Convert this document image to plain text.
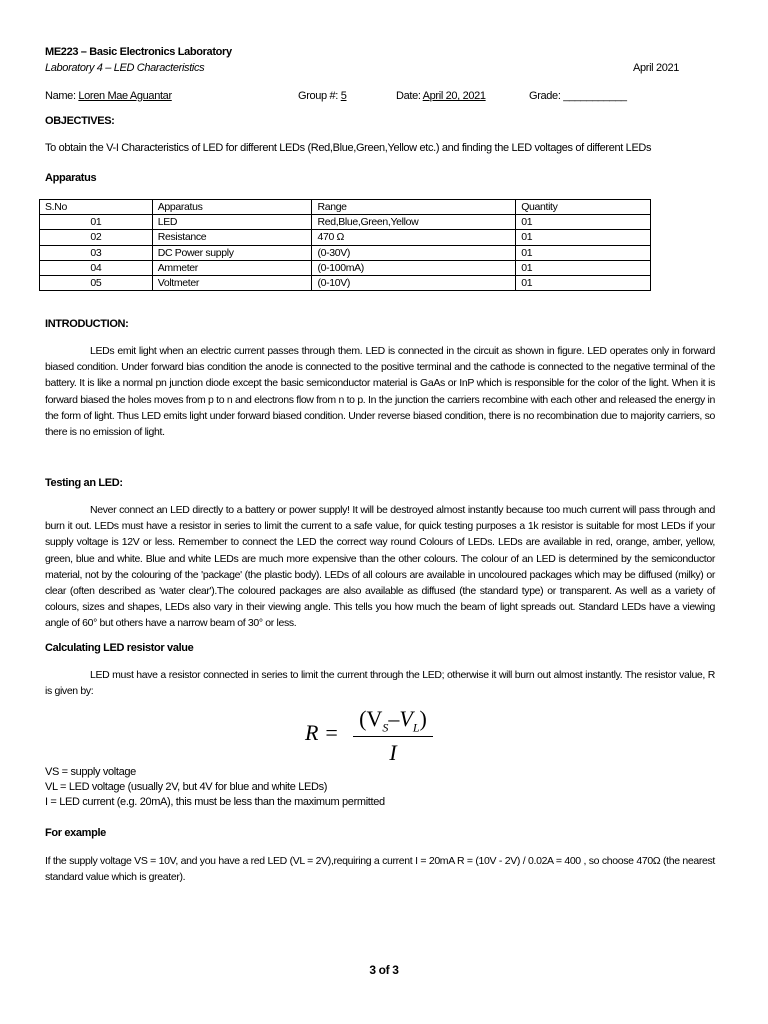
ME223 – Basic Electronics Laboratory
Laboratory 4 – LED Characteristics	April 2021
Name: Loren Mae Aguantar	Group #: 5	Date: April 20, 2021	Grade: ___________
OBJECTIVES:
To obtain the V-I Characteristics of LED for different LEDs (Red,Blue,Green,Yellow etc.) and finding the LED voltages of different LEDs
Apparatus
S.No	Apparatus	Range	Quantity
01	LED	Red,Blue,Green,Yellow	01
02	Resistance	470 Ω	01
03	DC Power supply	(0-30V)	01
04	Ammeter	(0-100mA)	01
05	Voltmeter	(0-10V)	01
INTRODUCTION:
LEDs emit light when an electric current passes through them. LED is connected in the circuit as shown in figure. LED operates only in forward biased condition. Under forward bias condition the anode is connected to the positive terminal and the cathode is connected to the negative terminal of the battery. It is like a normal pn junction diode except the basic semiconductor material is GaAs or InP which is responsible for the color of the light. When it is forward biased the holes moves from p to n and electrons flow from n to p. In the junction the carriers recombine with each other and released the energy in the form of light. Thus LED emits light under forward biased condition. Under reverse biased condition, there is no recombination due to majority carriers, so there is no emission of light.
Testing an LED:
Never connect an LED directly to a battery or power supply! It will be destroyed almost instantly because too much current will pass through and burn it out. LEDs must have a resistor in series to limit the current to a safe value, for quick testing purposes a 1k resistor is suitable for most LEDs if your supply voltage is 12V or less. Remember to connect the LED the correct way round Colours of LEDs. LEDs are available in red, orange, amber, yellow, green, blue and white. Blue and white LEDs are much more expensive than the other colours. The colour of an LED is determined by the semiconductor material, not by the colouring of the 'package' (the plastic body). LEDs of all colours are available in uncoloured packages which may be diffused (milky) or clear (often described as 'water clear').The coloured packages are also available as diffused (the standard type) or transparent. As well as a variety of colours, sizes and shapes, LEDs also vary in their viewing angle. This tells you how much the beam of light spreads out. Standard LEDs have a viewing angle of 60° but others have a narrow beam of 30° or less.
Calculating LED resistor value
LED must have a resistor connected in series to limit the current through the LED; otherwise it will burn out almost instantly. The resistor value, R is given by:
R =
$(V_S-V_L)$
I
VS = supply voltage
VL = LED voltage (usually 2V, but 4V for blue and white LEDs)
I = LED current (e.g. 20mA), this must be less than the maximum permitted
For example
If the supply voltage VS = 10V, and you have a red LED (VL = 2V),requiring a current I = 20mA R = (10V - 2V) / 0.02A = 400 , so choose 470Ω (the nearest standard value which is greater).
3 of 3
